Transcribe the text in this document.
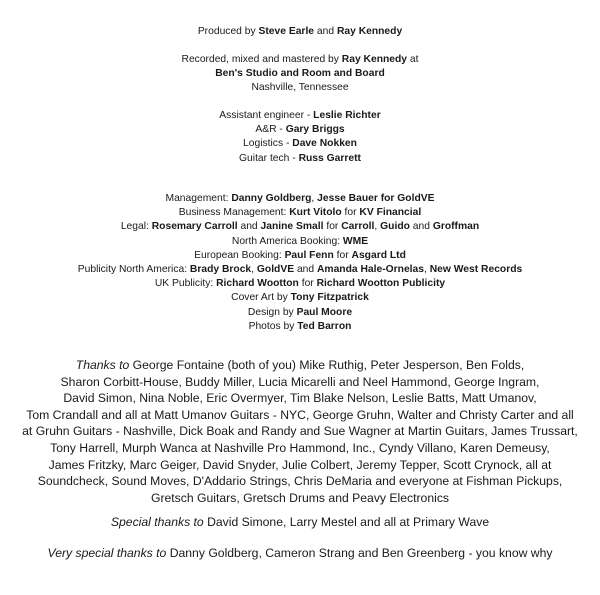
Produced by Steve Earle and Ray Kennedy

Recorded, mixed and mastered by Ray Kennedy at

Ben's Studio and Room and Board

Nashville, Tennessee

Assistant engineer - Leslie Richter

A&R - Gary Briggs

Logistics - Dave Nokken

Guitar tech - Russ Garrett

Management: Danny Goldberg, Jesse Bauer for GoldVE

Business Management: Kurt Vitolo for KV Financial

Legal: Rosemary Carroll and Janine Small for Carroll, Guido and Groffman

North America Booking: WME

European Booking: Paul Fenn for Asgard Ltd

Publicity North America: Brady Brock, GoldVE and Amanda Hale-Ornelas, New West Records

UK Publicity: Richard Wootton for Richard Wootton Publicity

Cover Art by Tony Fitzpatrick

Design by Paul Moore

Photos by Ted Barron

Thanks to George Fontaine (both of you) Mike Ruthig, Peter Jesperson, Ben Folds,

Sharon Corbitt-House, Buddy Miller, Lucia Micarelli and Neel Hammond, George Ingram,

David Simon, Nina Noble, Eric Overmyer, Tim Blake Nelson, Leslie Batts, Matt Umanov,

Tom Crandall and all at Matt Umanov Guitars - NYC, George Gruhn, Walter and Christy Carter and all

at Gruhn Guitars - Nashville, Dick Boak and Randy and Sue Wagner at Martin Guitars, James Trussart,

Tony Harrell, Murph Wanca at Nashville Pro Hammond, Inc., Cyndy Villano, Karen Demeusy,

James Fritzky, Marc Geiger, David Snyder, Julie Colbert, Jeremy Tepper, Scott Crynock, all at

Soundcheck, Sound Moves, D'Addario Strings, Chris DeMaria and everyone at Fishman Pickups,

Gretsch Guitars, Gretsch Drums and Peavy Electronics

Special thanks to David Simone, Larry Mestel and all at Primary Wave

Very special thanks to Danny Goldberg, Cameron Strang and Ben Greenberg - you know why
